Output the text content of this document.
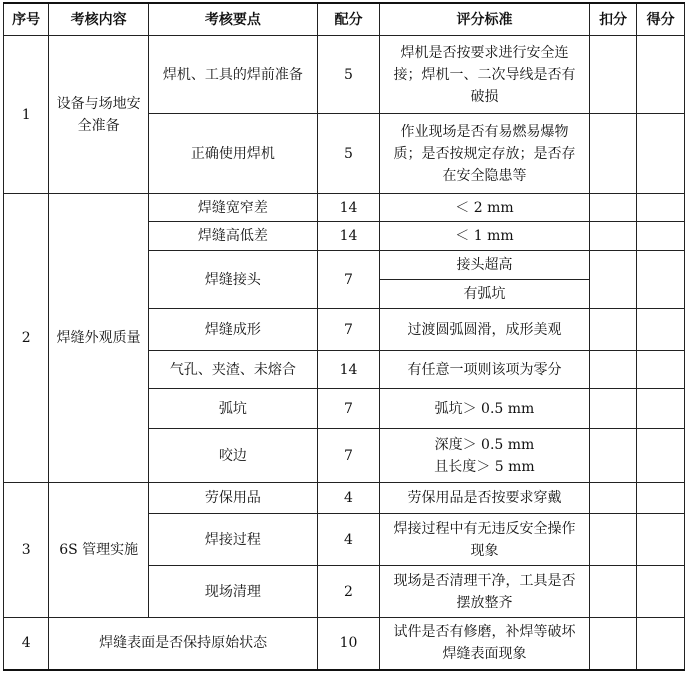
序号	考核内容	考核要点	配分	评分标准	扣分	得分
1	设备与场地安全准备	焊机、工具的焊前准备	5	焊机是否按要求进行安全连接；焊机一、二次导线是否有破损		
		正确使用焊机	5	作业现场是否有易燃易爆物质；是否按规定存放；是否存在安全隐患等		
2	焊缝外观质量	焊缝宽窄差	14	＜ 2 mm		
		焊缝高低差	14	＜ 1 mm		
		焊缝接头	7	接头超高		
				有弧坑		
		焊缝成形	7	过渡圆弧圆滑，成形美观		
		气孔、夹渣、未熔合	14	有任意一项则该项为零分		
		弧坑	7	弧坑＞ 0.5 mm		
		咬边	7	深度＞ 0.5 mm
且长度＞ 5 mm		

3	6S 管理实施	劳保用品	4	劳保用品是否按要求穿戴		
		焊接过程	4	焊接过程中有无违反安全操作现象		
		现场清理	2	现场是否清理干净，工具是否摆放整齐		
4	焊缝表面是否保持原始状态		10	试件是否有修磨，补焊等破坏焊缝表面现象		
